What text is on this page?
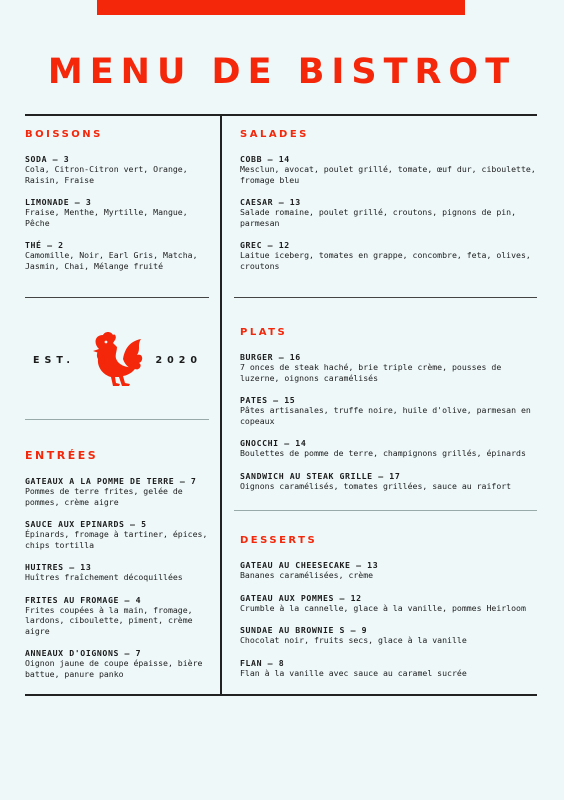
MENU DE BISTROT
BOISSONS
SODA – 3
Cola, Citron-Citron vert, Orange, Raisin, Fraise
LIMONADE – 3
Fraise, Menthe, Myrtille, Mangue, Pêche
THÉ – 2
Camomille, Noir, Earl Gris, Matcha, Jasmin, Chai, Mélange fruité
EST.	2020
ENTRÉES
GATEAUX A LA POMME DE TERRE – 7
Pommes de terre frites, gelée de pommes, crème aigre
SAUCE AUX EPINARDS – 5
Épinards, fromage à tartiner, épices, chips tortilla
HUITRES – 13
Huîtres fraîchement décoquillées
FRITES AU FROMAGE – 4
Frites coupées à la main, fromage, lardons, ciboulette, piment, crème aigre
ANNEAUX D'OIGNONS – 7
Oignon jaune de coupe épaisse, bière battue, panure panko
SALADES
COBB – 14
Mesclun, avocat, poulet grillé, tomate, œuf dur, ciboulette, fromage bleu
CAESAR – 13
Salade romaine, poulet grillé, croutons, pignons de pin, parmesan
GREC – 12
Laitue iceberg, tomates en grappe, concombre, feta, olives, croutons
PLATS
BURGER – 16
7 onces de steak haché, brie triple crème, pousses de luzerne, oignons caramélisés
PATES – 15
Pâtes artisanales, truffe noire, huile d'olive, parmesan en copeaux
GNOCCHI – 14
Boulettes de pomme de terre, champignons grillés, épinards
SANDWICH AU STEAK GRILLE – 17
Oignons caramélisés, tomates grillées, sauce au raifort
DESSERTS
GATEAU AU CHEESECAKE – 13
Bananes caramélisées, crème
GATEAU AUX POMMES – 12
Crumble à la cannelle, glace à la vanille, pommes Heirloom
SUNDAE AU BROWNIE S – 9
Chocolat noir, fruits secs, glace à la vanille
FLAN – 8
Flan à la vanille avec sauce au caramel sucrée
